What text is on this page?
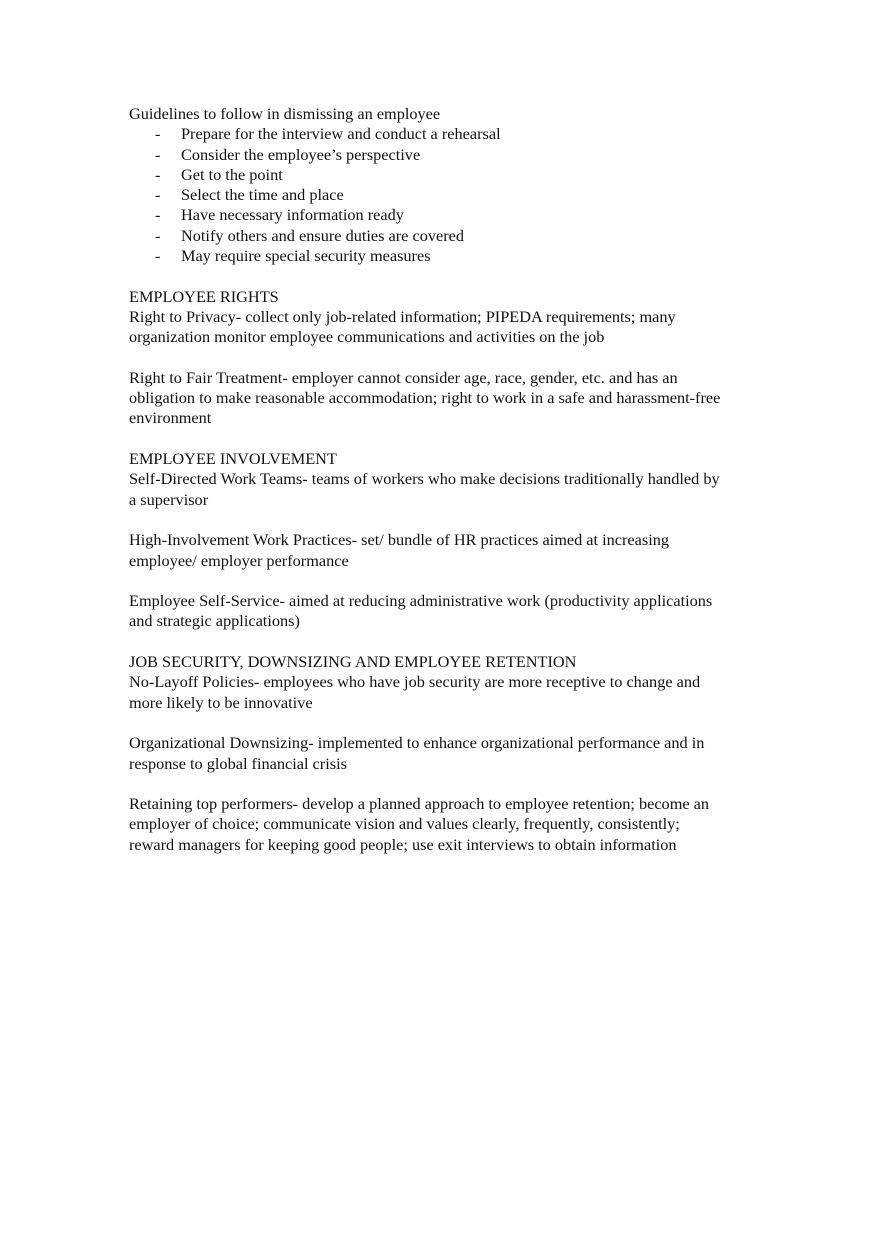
Guidelines to follow in dismissing an employee

- Prepare for the interview and conduct a rehearsal
- Consider the employee’s perspective
- Get to the point
- Select the time and place
- Have necessary information ready
- Notify others and ensure duties are covered
- May require special security measures

EMPLOYEE RIGHTS

Right to Privacy- collect only job-related information; PIPEDA requirements; many organization monitor employee communications and activities on the job

Right to Fair Treatment- employer cannot consider age, race, gender, etc. and has an obligation to make reasonable accommodation; right to work in a safe and harassment-free environment

EMPLOYEE INVOLVEMENT

Self-Directed Work Teams- teams of workers who make decisions traditionally handled by a supervisor

High-Involvement Work Practices- set/ bundle of HR practices aimed at increasing employee/ employer performance

Employee Self-Service- aimed at reducing administrative work (productivity applications and strategic applications)

JOB SECURITY, DOWNSIZING AND EMPLOYEE RETENTION

No-Layoff Policies- employees who have job security are more receptive to change and more likely to be innovative

Organizational Downsizing- implemented to enhance organizational performance and in response to global financial crisis

Retaining top performers- develop a planned approach to employee retention; become an employer of choice; communicate vision and values clearly, frequently, consistently; reward managers for keeping good people; use exit interviews to obtain information
